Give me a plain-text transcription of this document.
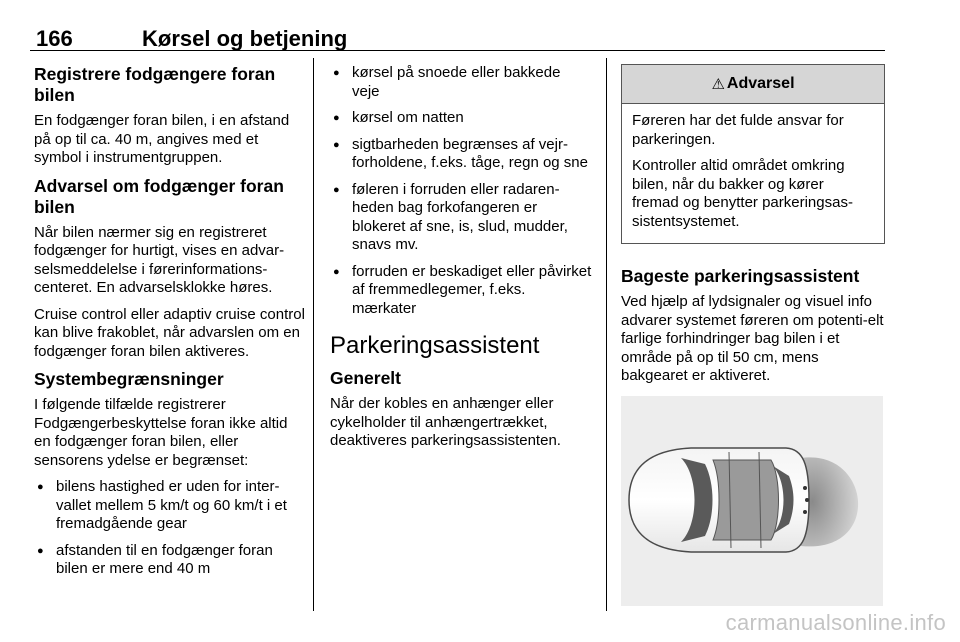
166	Kørsel og betjening
Registrere fodgængere foran bilen

En fodgænger foran bilen, i en afstand på op til ca. 40 m, angives med et symbol i instrumentgruppen.

Advarsel om fodgænger foran bilen

Når bilen nærmer sig en registreret fodgænger for hurtigt, vises en advar-selsmeddelelse i førerinformations-centeret. En advarselsklokke høres.

Cruise control eller adaptiv cruise control kan blive frakoblet, når advarslen om en fodgænger foran bilen aktiveres.

Systembegrænsninger

I følgende tilfælde registrerer Fodgængerbeskyttelse foran ikke altid en fodgænger foran bilen, eller sensorens ydelse er begrænset:

● bilens hastighed er uden for inter-vallet mellem 5 km/t og 60 km/t i et fremadgående gear
● afstanden til en fodgænger foran bilen er mere end 40 m
● kørsel på snoede eller bakkede veje
● kørsel om natten
● sigtbarheden begrænses af vejr-forholdene, f.eks. tåge, regn og sne
● føleren i forruden eller radaren-heden bag forkofangeren er blokeret af sne, is, slud, mudder, snavs mv.
● forruden er beskadiget eller påvirket af fremmedlegemer, f.eks. mærkater
Parkeringsassistent
Generelt

Når der kobles en anhænger eller cykelholder til anhængertrækket, deaktiveres parkeringsassistenten.

⚠ Advarsel

Føreren har det fulde ansvar for parkeringen.

Kontroller altid området omkring bilen, når du bakker og kører fremad og benytter parkeringsas-sistentsystemet.

Bageste parkeringsassistent

Ved hjælp af lydsignaler og visuel info advarer systemet føreren om potenti-elt farlige forhindringer bag bilen i et område på op til 50 cm, mens bakgearet er aktiveret.

carmanualsonline.info
